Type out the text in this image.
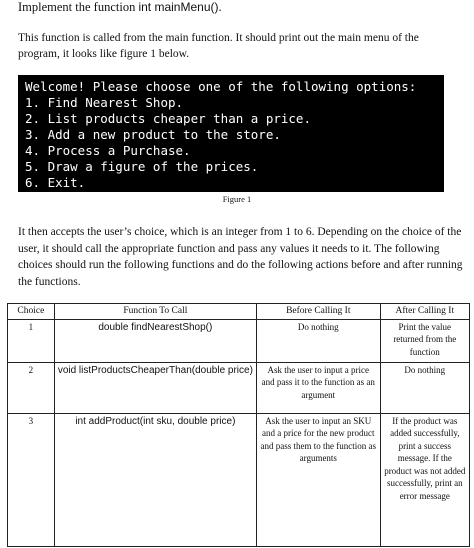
Implement the function int mainMenu().
This function is called from the main function. It should print out the main menu of the program, it looks like figure 1 below.
Welcome! Please choose one of the following options:
1. Find Nearest Shop.
2. List products cheaper than a price.
3. Add a new product to the store.
4. Process a Purchase.
5. Draw a figure of the prices.
6. Exit.
Figure 1
It then accepts the user’s choice, which is an integer from 1 to 6. Depending on the choice of the user, it should call the appropriate function and pass any values it needs to it. The following choices should run the following functions and do the following actions before and after running the functions.
Choice	Function To Call	Before Calling It	After Calling It
1	double findNearestShop()	Do nothing	Print the value returned from the function
2	void listProductsCheaperThan(double price)	Ask the user to input a price and pass it to the function as an argument	Do nothing
3	int addProduct(int sku, double price)	Ask the user to input an SKU and a price for the new product and pass them to the function as arguments	If the product was added successfully, print a success message. If the product was not added successfully, print an error message
